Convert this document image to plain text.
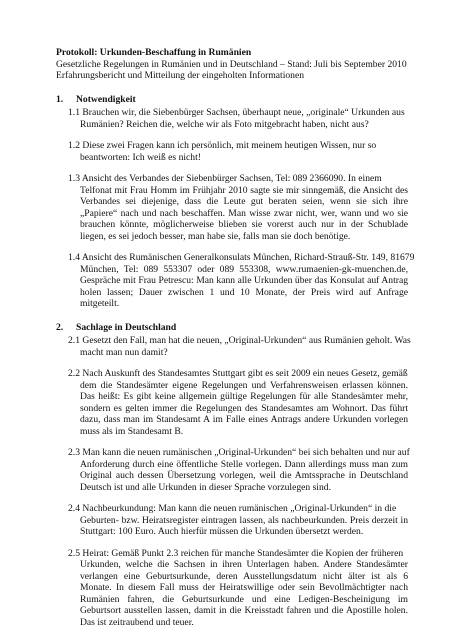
Protokoll: Urkunden-Beschaffung in Rumänien
Gesetzliche Regelungen in Rumänien und in Deutschland – Stand: Juli bis September 2010
Erfahrungsbericht und Mitteilung der eingeholten Informationen
1. Notwendigkeit
1.1 Brauchen wir, die Siebenbürger Sachsen, überhaupt neue, „originale“ Urkunden aus
Rumänien? Reichen die, welche wir als Foto mitgebracht haben, nicht aus?
1.2 Diese zwei Fragen kann ich persönlich, mit meinem heutigen Wissen, nur so
beantworten: Ich weiß es nicht!
1.3 Ansicht des Verbandes der Siebenbürger Sachsen, Tel: 089 2366090. In einem
Telfonat mit Frau Homm im Frühjahr 2010 sagte sie mir sinngemäß, die Ansicht des Verbandes sei diejenige, dass die Leute gut beraten seien, wenn sie sich ihre „Papiere“ nach und nach beschaffen. Man wisse zwar nicht, wer, wann und wo sie brauchen könnte, möglicherweise blieben sie vorerst auch nur in der Schublade liegen, es sei jedoch besser, man habe sie, falls man sie doch benötige.
1.4 Ansicht des Rumänischen Generalkonsulats München, Richard-Strauß-Str. 149, 81679
München, Tel: 089 553307 oder 089 553308, www.rumaenien-gk-muenchen.de, Gespräche mit Frau Petrescu: Man kann alle Urkunden über das Konsulat auf Antrag holen lassen; Dauer zwischen 1 und 10 Monate, der Preis wird auf Anfrage mitgeteilt.
2. Sachlage in Deutschland
2.1 Gesetzt den Fall, man hat die neuen, „Original-Urkunden“ aus Rumänien geholt. Was
macht man nun damit?
2.2 Nach Auskunft des Standesamtes Stuttgart gibt es seit 2009 ein neues Gesetz, gemäß
dem die Standesämter eigene Regelungen und Verfahrensweisen erlassen können. Das heißt: Es gibt keine allgemein gültige Regelungen für alle Standesämter mehr, sondern es gelten immer die Regelungen des Standesamtes am Wohnort. Das führt dazu, dass man im Standesamt A im Falle eines Antrags andere Urkunden vorlegen muss als im Standesamt B.
2.3 Man kann die neuen rumänischen „Original-Urkunden“ bei sich behalten und nur auf
Anforderung durch eine öffentliche Stelle vorlegen. Dann allerdings muss man zum Original auch dessen Übersetzung vorlegen, weil die Amtssprache in Deutschland Deutsch ist und alle Urkunden in dieser Sprache vorzulegen sind.
2.4 Nachbeurkundung: Man kann die neuen rumänischen „Original-Urkunden“ in die
Geburten- bzw. Heiratsregister eintragen lassen, als nachbeurkunden. Preis derzeit in Stuttgart: 100 Euro. Auch hierfür müssen die Urkunden übersetzt werden.
2.5 Heirat: Gemäß Punkt 2.3 reichen für manche Standesämter die Kopien der früheren
Urkunden, welche die Sachsen in ihren Unterlagen haben. Andere Standesämter verlangen eine Geburtsurkunde, deren Ausstellungsdatum nicht älter ist als 6 Monate. In diesem Fall muss der Heiratswillige oder sein Bevollmächtigter nach Rumänien fahren, die Geburtsurkunde und eine Ledigen-Bescheinigung im Geburtsort ausstellen lassen, damit in die Kreisstadt fahren und die Apostille holen. Das ist zeitraubend und teuer.
